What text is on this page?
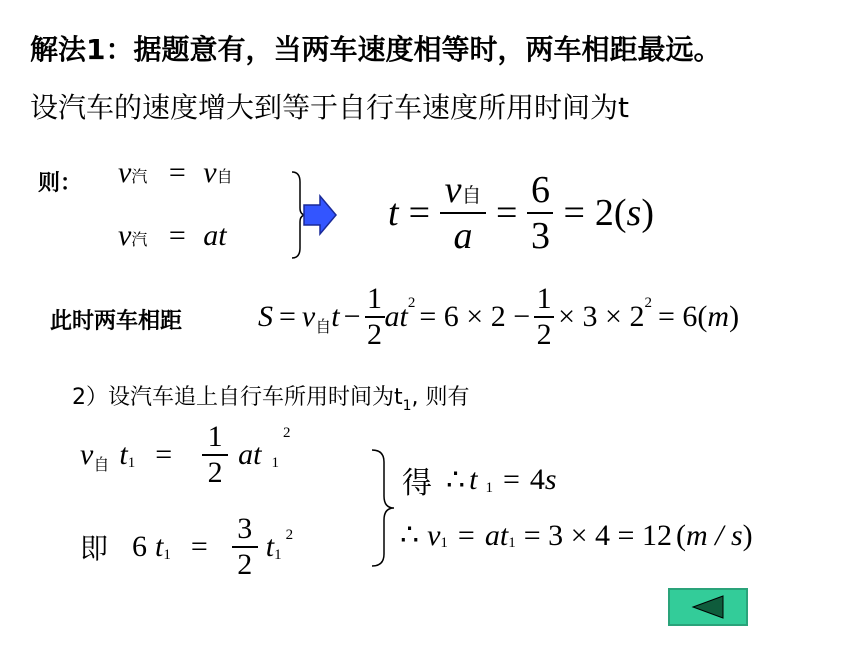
解法1：据题意有，当两车速度相等时，两车相距最远。
设汽车的速度增大到等于自行车速度所用时间为t
则： v汽 = v自
v汽 = at
$t = \frac{\text{v自}}{a} = \frac{6}{3} = 2$( s )
此时两车相距	S = v 自 $t - \frac{1}{2}$ at $2 = 6 \times 2 - \frac{1}{2} \times 3 \times 2$ 2 = 6( m )
2）设汽车追上自行车所用时间为$t_1$, 则有
v 自 t $1 = \frac{1}{2}$ at 1
2
即 6 t $1 = \frac{3}{2}$ t 1
2
得 ∴ t 1 = 4 s
∴ v 1 = at 1 = 3 × 4 = 12 ( m / s )
